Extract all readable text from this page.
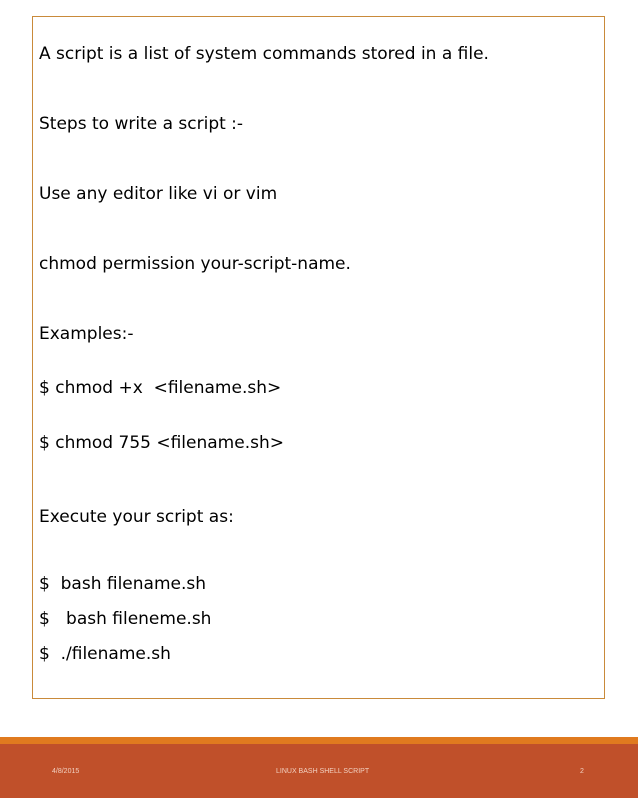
A script is a list of system commands stored in a file.
Steps to write a script :-
Use any editor like vi or vim
chmod permission your-script-name.
Examples:-
$ chmod +x  <filename.sh>
$ chmod 755 <filename.sh>
Execute your script as:
$  bash filename.sh
$   bash fileneme.sh
$  ./filename.sh
4/8/2015	LINUX BASH SHELL SCRIPT	2
